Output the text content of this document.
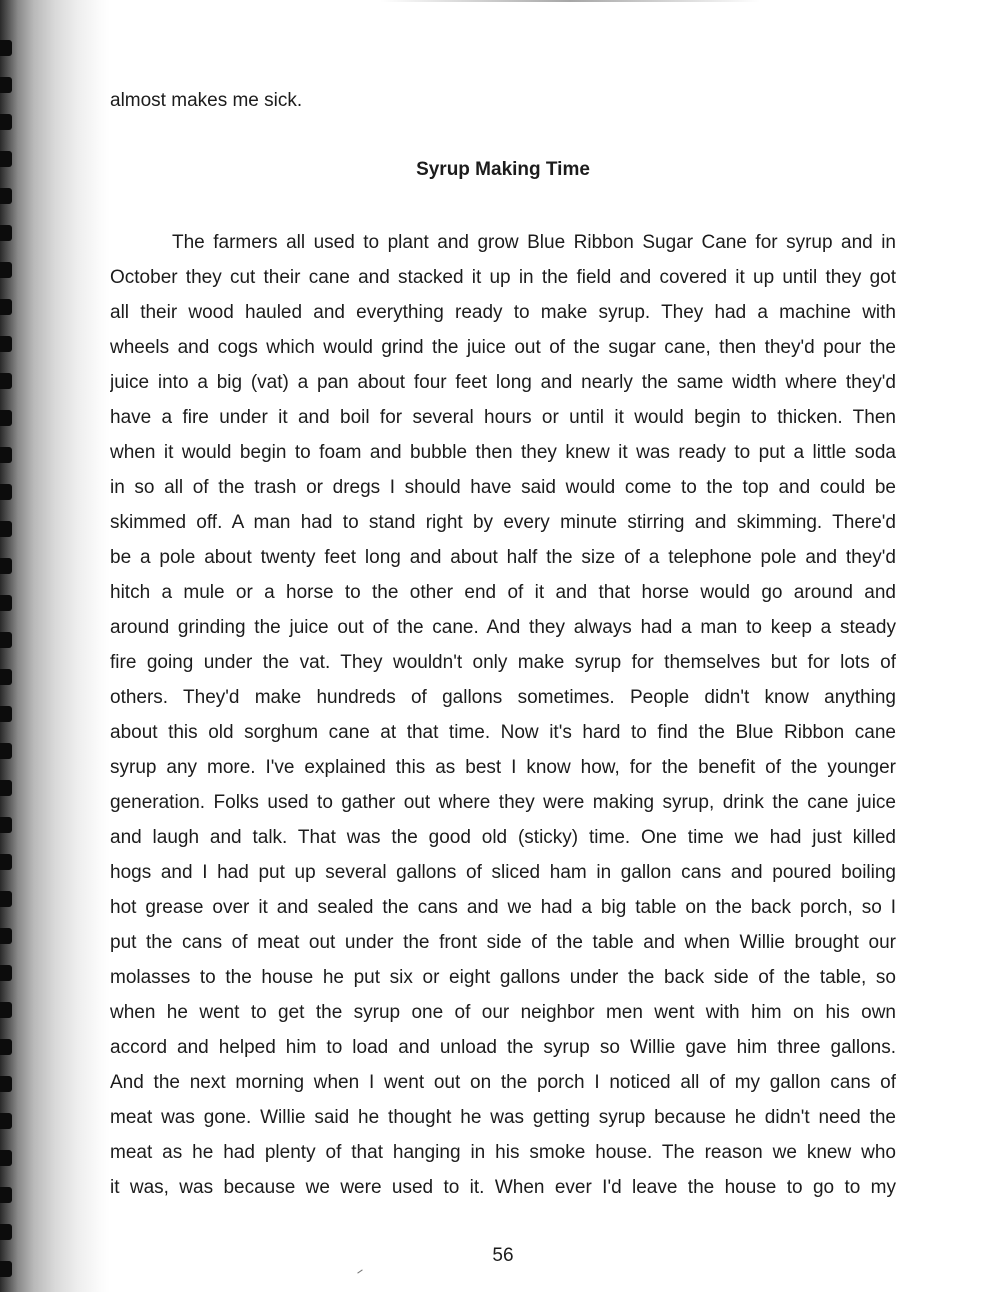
almost makes me sick.
Syrup Making Time
The farmers all used to plant and grow Blue Ribbon Sugar Cane for syrup and in
October they cut their cane and stacked it up in the field and covered it up until they got
all their wood hauled and everything ready to make syrup. They had a machine with
wheels and cogs which would grind the juice out of the sugar cane, then they'd pour the
juice into a big (vat) a pan about four feet long and nearly the same width where they'd
have a fire under it and boil for several hours or until it would begin to thicken. Then
when it would begin to foam and bubble then they knew it was ready to put a little soda
in so all of the trash or dregs I should have said would come to the top and could be
skimmed off. A man had to stand right by every minute stirring and skimming. There'd
be a pole about twenty feet long and about half the size of a telephone pole and they'd
hitch a mule or a horse to the other end of it and that horse would go around and
around grinding the juice out of the cane. And they always had a man to keep a steady
fire going under the vat. They wouldn't only make syrup for themselves but for lots of
others. They'd make hundreds of gallons sometimes. People didn't know anything
about this old sorghum cane at that time. Now it's hard to find the Blue Ribbon cane
syrup any more. I've explained this as best I know how, for the benefit of the younger
generation. Folks used to gather out where they were making syrup, drink the cane juice
and laugh and talk. That was the good old (sticky) time. One time we had just killed
hogs and I had put up several gallons of sliced ham in gallon cans and poured boiling
hot grease over it and sealed the cans and we had a big table on the back porch, so I
put the cans of meat out under the front side of the table and when Willie brought our
molasses to the house he put six or eight gallons under the back side of the table, so
when he went to get the syrup one of our neighbor men went with him on his own
accord and helped him to load and unload the syrup so Willie gave him three gallons.
And the next morning when I went out on the porch I noticed all of my gallon cans of
meat was gone. Willie said he thought he was getting syrup because he didn't need the
meat as he had plenty of that hanging in his smoke house. The reason we knew who
it was, was because we were used to it. When ever I'd leave the house to go to my
56
